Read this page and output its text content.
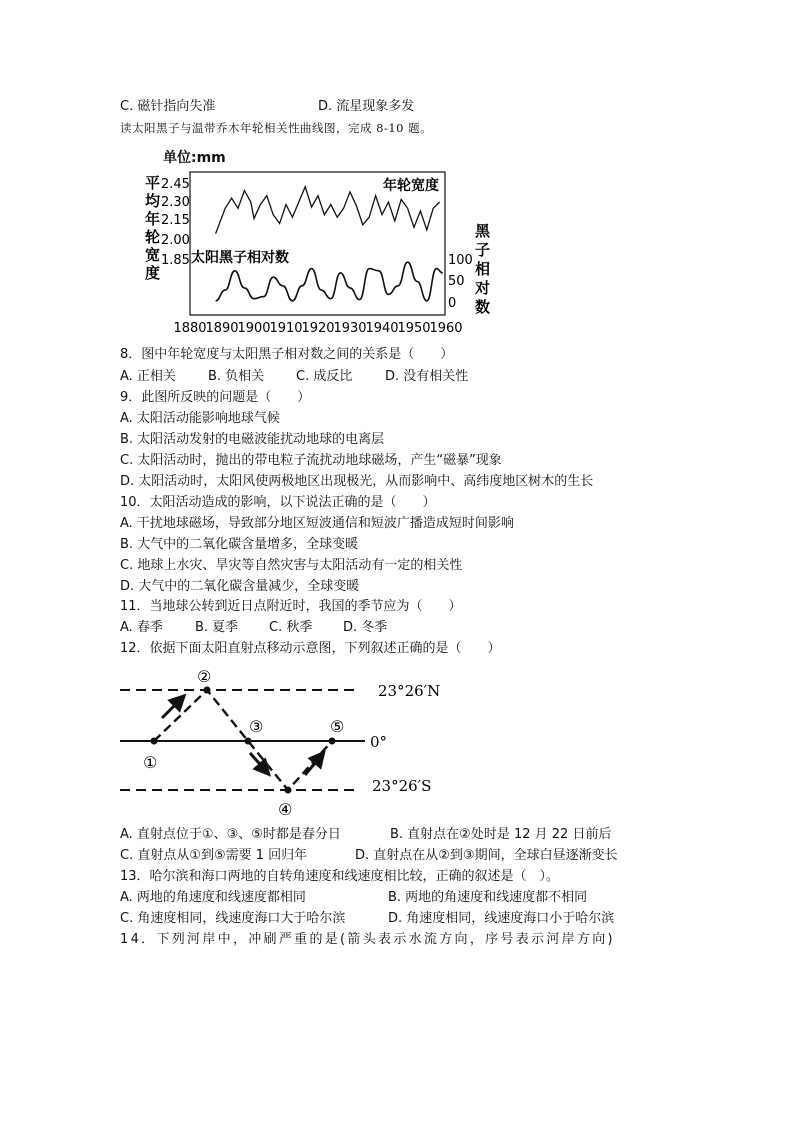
C. 磁针指向失准	D. 流星现象多发
读太阳黑子与温带乔木年轮相关性曲线图，完成 8-10 题。
单位:mm
平
均
年
轮
宽
度
2.45
2.30
2.15
2.00
1.85
年轮宽度
太阳黑子相对数	100
50
0
黑
子
相
对
数
1880
1890
1900
1910
1920
1930
1940
1950
1960
8．图中年轮宽度与太阳黑子相对数之间的关系是（　　）
A. 正相关 B. 负相关 C. 成反比	D. 没有相关性
9．此图所反映的问题是（　　）
A. 太阳活动能影响地球气候
B. 太阳活动发射的电磁波能扰动地球的电离层
C. 太阳活动时，抛出的带电粒子流扰动地球磁场，产生“磁暴”现象
D. 太阳活动时，太阳风使两极地区出现极光，从而影响中、高纬度地区树木的生长
10．太阳活动造成的影响，以下说法正确的是（　　）
A. 干扰地球磁场，导致部分地区短波通信和短波广播造成短时间影响
B. 大气中的二氧化碳含量增多，全球变暖
C. 地球上水灾、旱灾等自然灾害与太阳活动有一定的相关性
D. 大气中的二氧化碳含量减少，全球变暖
11．当地球公转到近日点附近时，我国的季节应为（　　）
A. 春季 B. 夏季 C. 秋季 D. 冬季
12．依据下面太阳直射点移动示意图，下列叙述正确的是（　　）
23°26′N
0°
23°26′S
①
②
③
④
⑤
A. 直射点位于①、③、⑤时都是春分日	B. 直射点在②处时是 12 月 22 日前后
C. 直射点从①到⑤需要 1 回归年	D. 直射点在从②到③期间，全球白昼逐渐变长
13．哈尔滨和海口两地的自转角速度和线速度相比较，正确的叙述是（　）。
A. 两地的角速度和线速度都相同	B. 两地的角速度和线速度都不相同
C. 角速度相同，线速度海口大于哈尔滨	D. 角速度相同，线速度海口小于哈尔滨
14．下列河岸中，冲刷严重的是(箭头表示水流方向，序号表示河岸方向)
